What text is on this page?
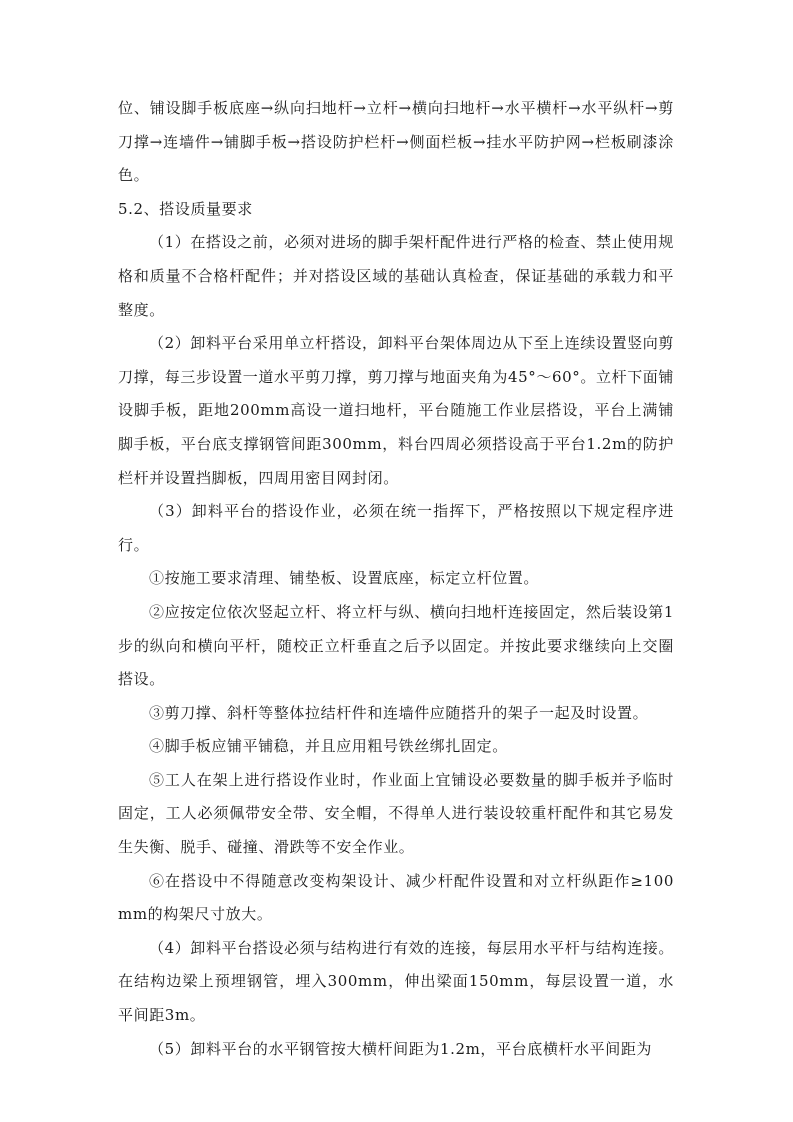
位、铺设脚手板底座→纵向扫地杆→立杆→横向扫地杆→水平横杆→水平纵杆→剪刀撑→连墙件→铺脚手板→搭设防护栏杆→侧面栏板→挂水平防护网→栏板刷漆涂色。

5.2、搭设质量要求

（1）在搭设之前，必须对进场的脚手架杆配件进行严格的检查、禁止使用规格和质量不合格杆配件；并对搭设区域的基础认真检查，保证基础的承载力和平整度。

（2）卸料平台采用单立杆搭设，卸料平台架体周边从下至上连续设置竖向剪刀撑，每三步设置一道水平剪刀撑，剪刀撑与地面夹角为45°～60°。立杆下面铺设脚手板，距地200mm高设一道扫地杆，平台随施工作业层搭设，平台上满铺脚手板，平台底支撑钢管间距300mm，料台四周必须搭设高于平台1.2m的防护栏杆并设置挡脚板，四周用密目网封闭。

（3）卸料平台的搭设作业，必须在统一指挥下，严格按照以下规定程序进行。

①按施工要求清理、铺垫板、设置底座，标定立杆位置。

②应按定位依次竖起立杆、将立杆与纵、横向扫地杆连接固定，然后装设第1步的纵向和横向平杆，随校正立杆垂直之后予以固定。并按此要求继续向上交圈搭设。

③剪刀撑、斜杆等整体拉结杆件和连墙件应随搭升的架子一起及时设置。

④脚手板应铺平铺稳，并且应用粗号铁丝绑扎固定。

⑤工人在架上进行搭设作业时，作业面上宜铺设必要数量的脚手板并予临时固定，工人必须佩带安全带、安全帽，不得单人进行装设较重杆配件和其它易发生失衡、脱手、碰撞、滑跌等不安全作业。

⑥在搭设中不得随意改变构架设计、减少杆配件设置和对立杆纵距作≥100mm的构架尺寸放大。

（4）卸料平台搭设必须与结构进行有效的连接，每层用水平杆与结构连接。在结构边梁上预埋钢管，埋入300mm，伸出梁面150mm，每层设置一道，水平间距3m。

（5）卸料平台的水平钢管按大横杆间距为1.2m，平台底横杆水平间距为
